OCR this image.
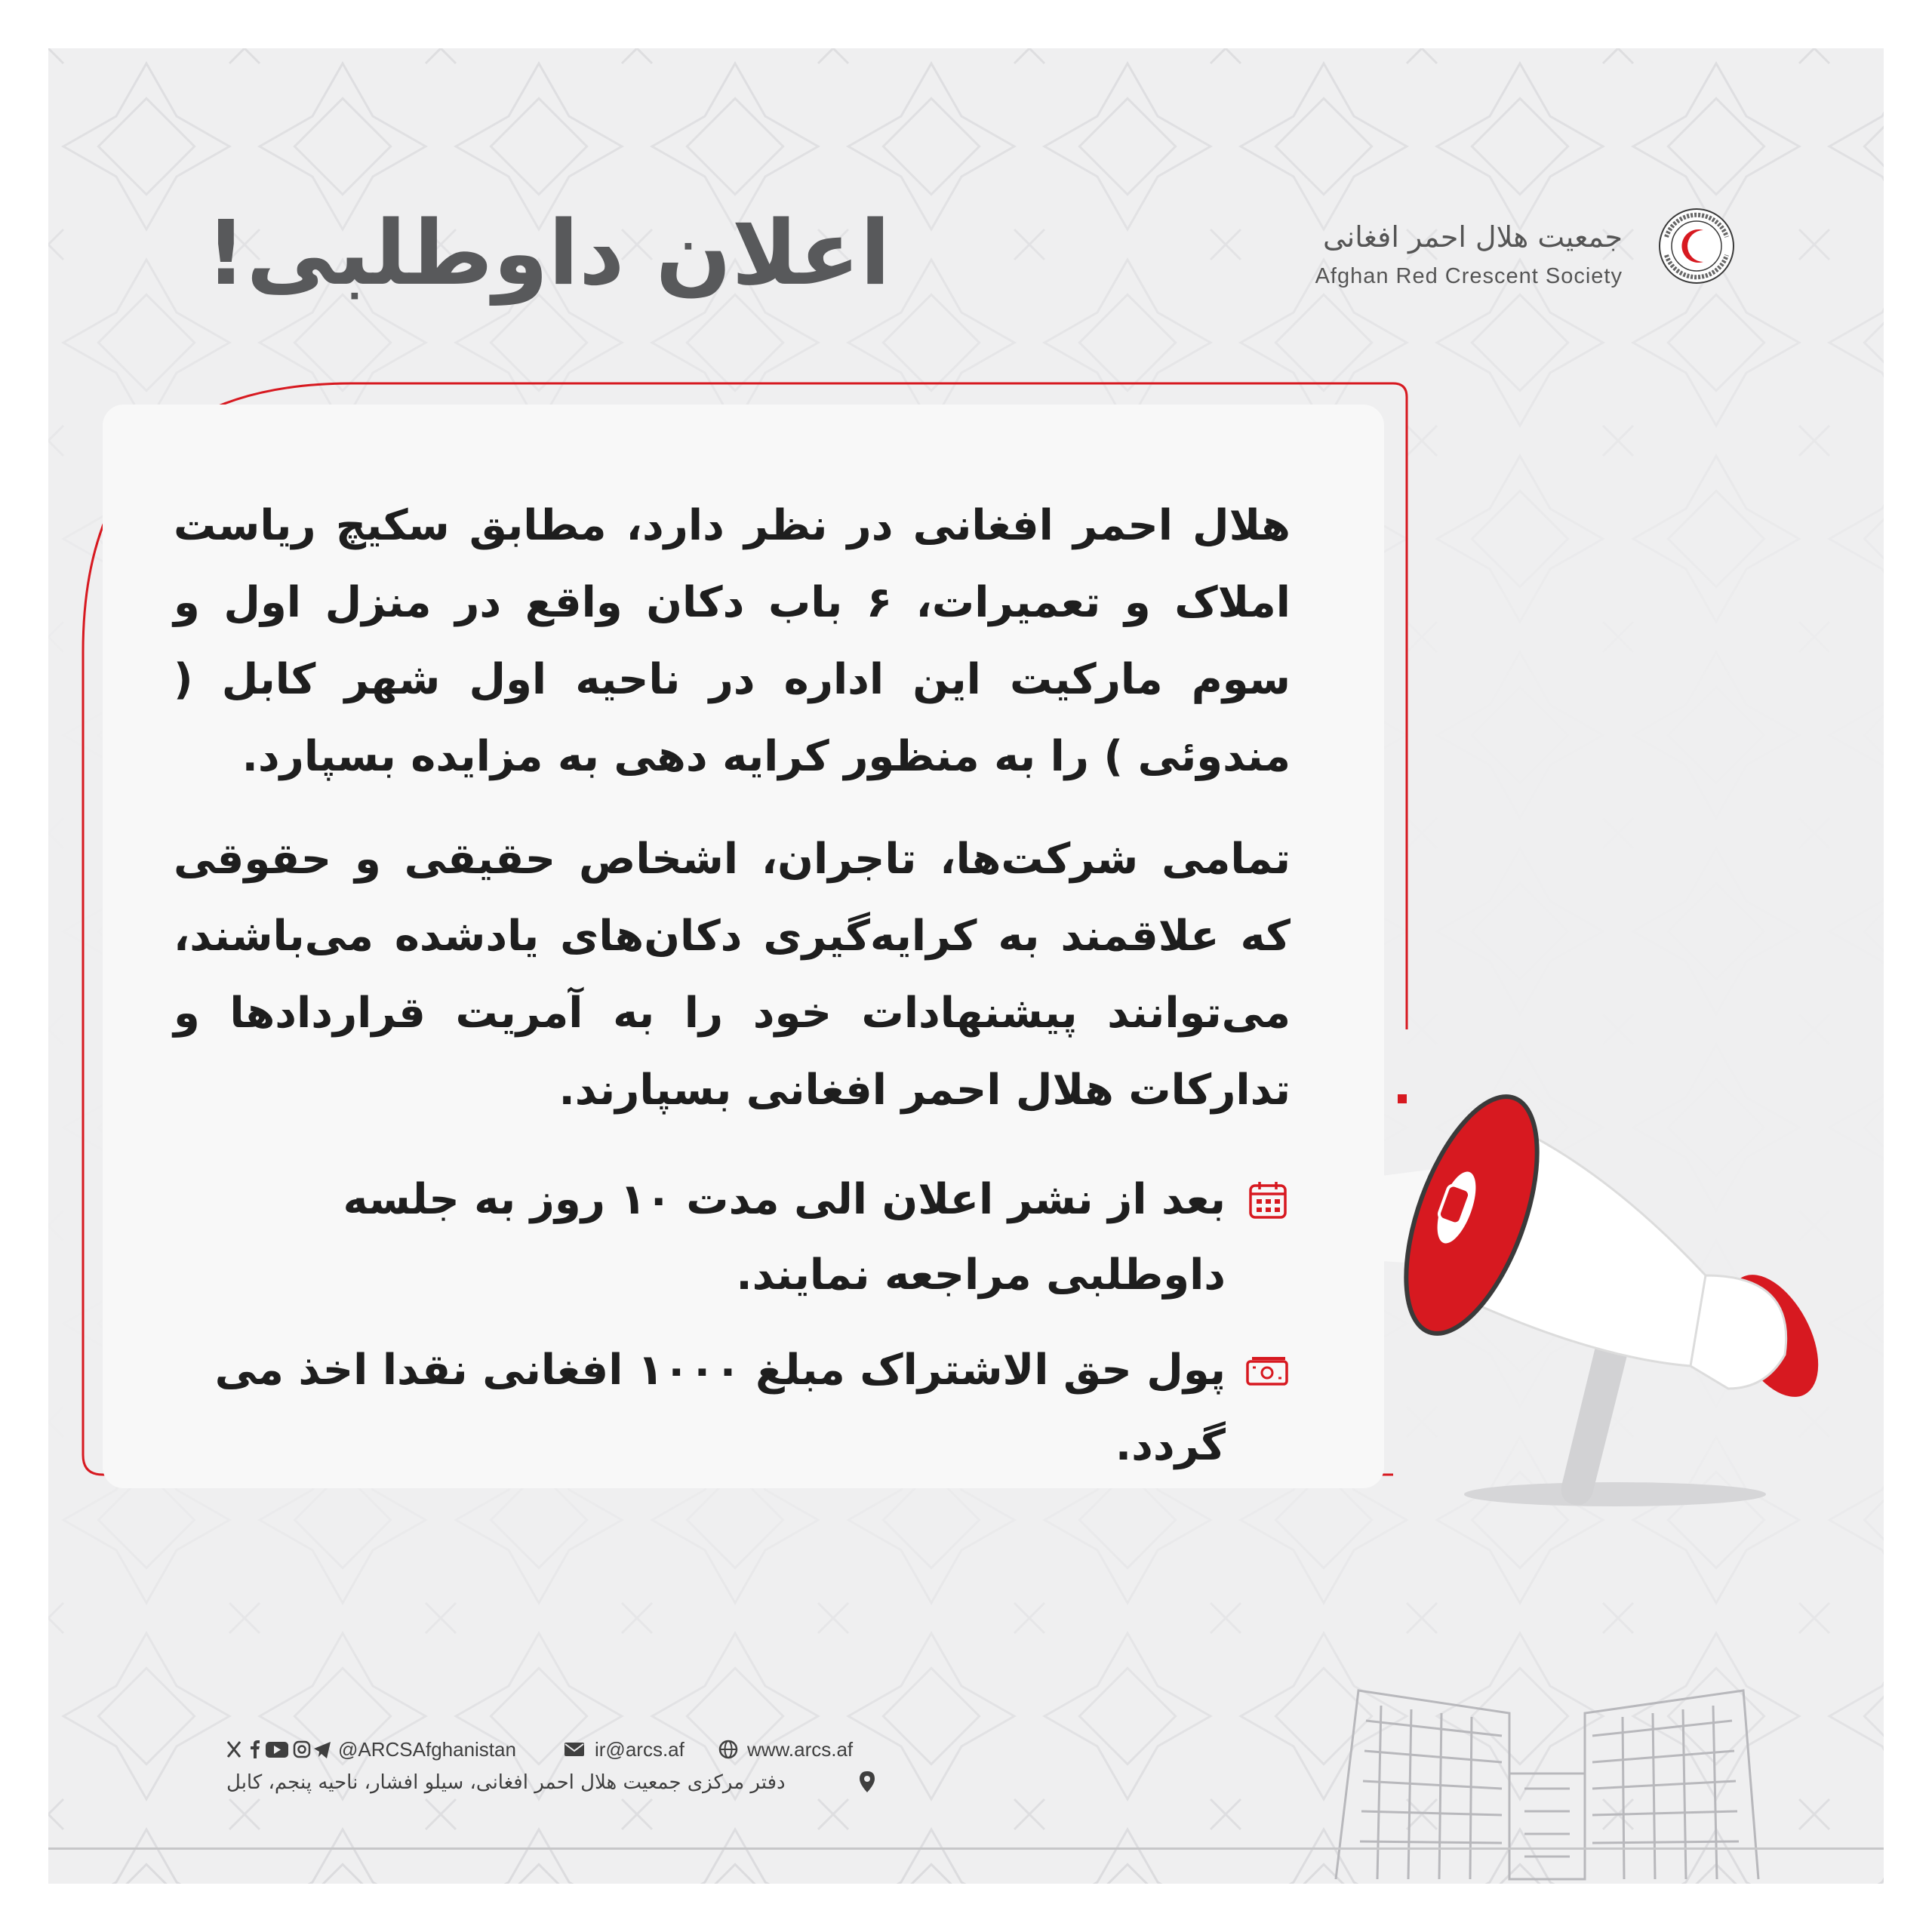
اعلان داوطلبی!	جمعیت هلال احمر افغانی
Afghan Red Crescent Society
هلال احمر افغانی در نظر دارد، مطابق سکیچ ریاست املاک و تعمیرات، ۶ باب دکان واقع در منزل اول و سوم مارکیت این اداره در ناحیه اول شهر کابل ( مندوئی ) را به منظور کرایه دهی به مزایده بسپارد.
تمامی شرکت‌ها، تاجران، اشخاص حقیقی و حقوقی که علاقمند به کرایه‌گیری دکان‌های یادشده می‌باشند، می‌توانند پیشنهادات خود را به آمریت قراردادها و تدارکات هلال احمر افغانی بسپارند.
بعد از نشر اعلان الی مدت ۱۰ روز به جلسه داوطلبی مراجعه نمایند.
پول حق الاشتراک مبلغ ۱۰۰۰ افغانی نقدا اخذ می گردد.
@ARCSAfghanistan	ir@arcs.af	www.arcs.af
دفتر مرکزی جمعیت هلال احمر افغانی، سیلو افشار، ناحیه پنجم، کابل
